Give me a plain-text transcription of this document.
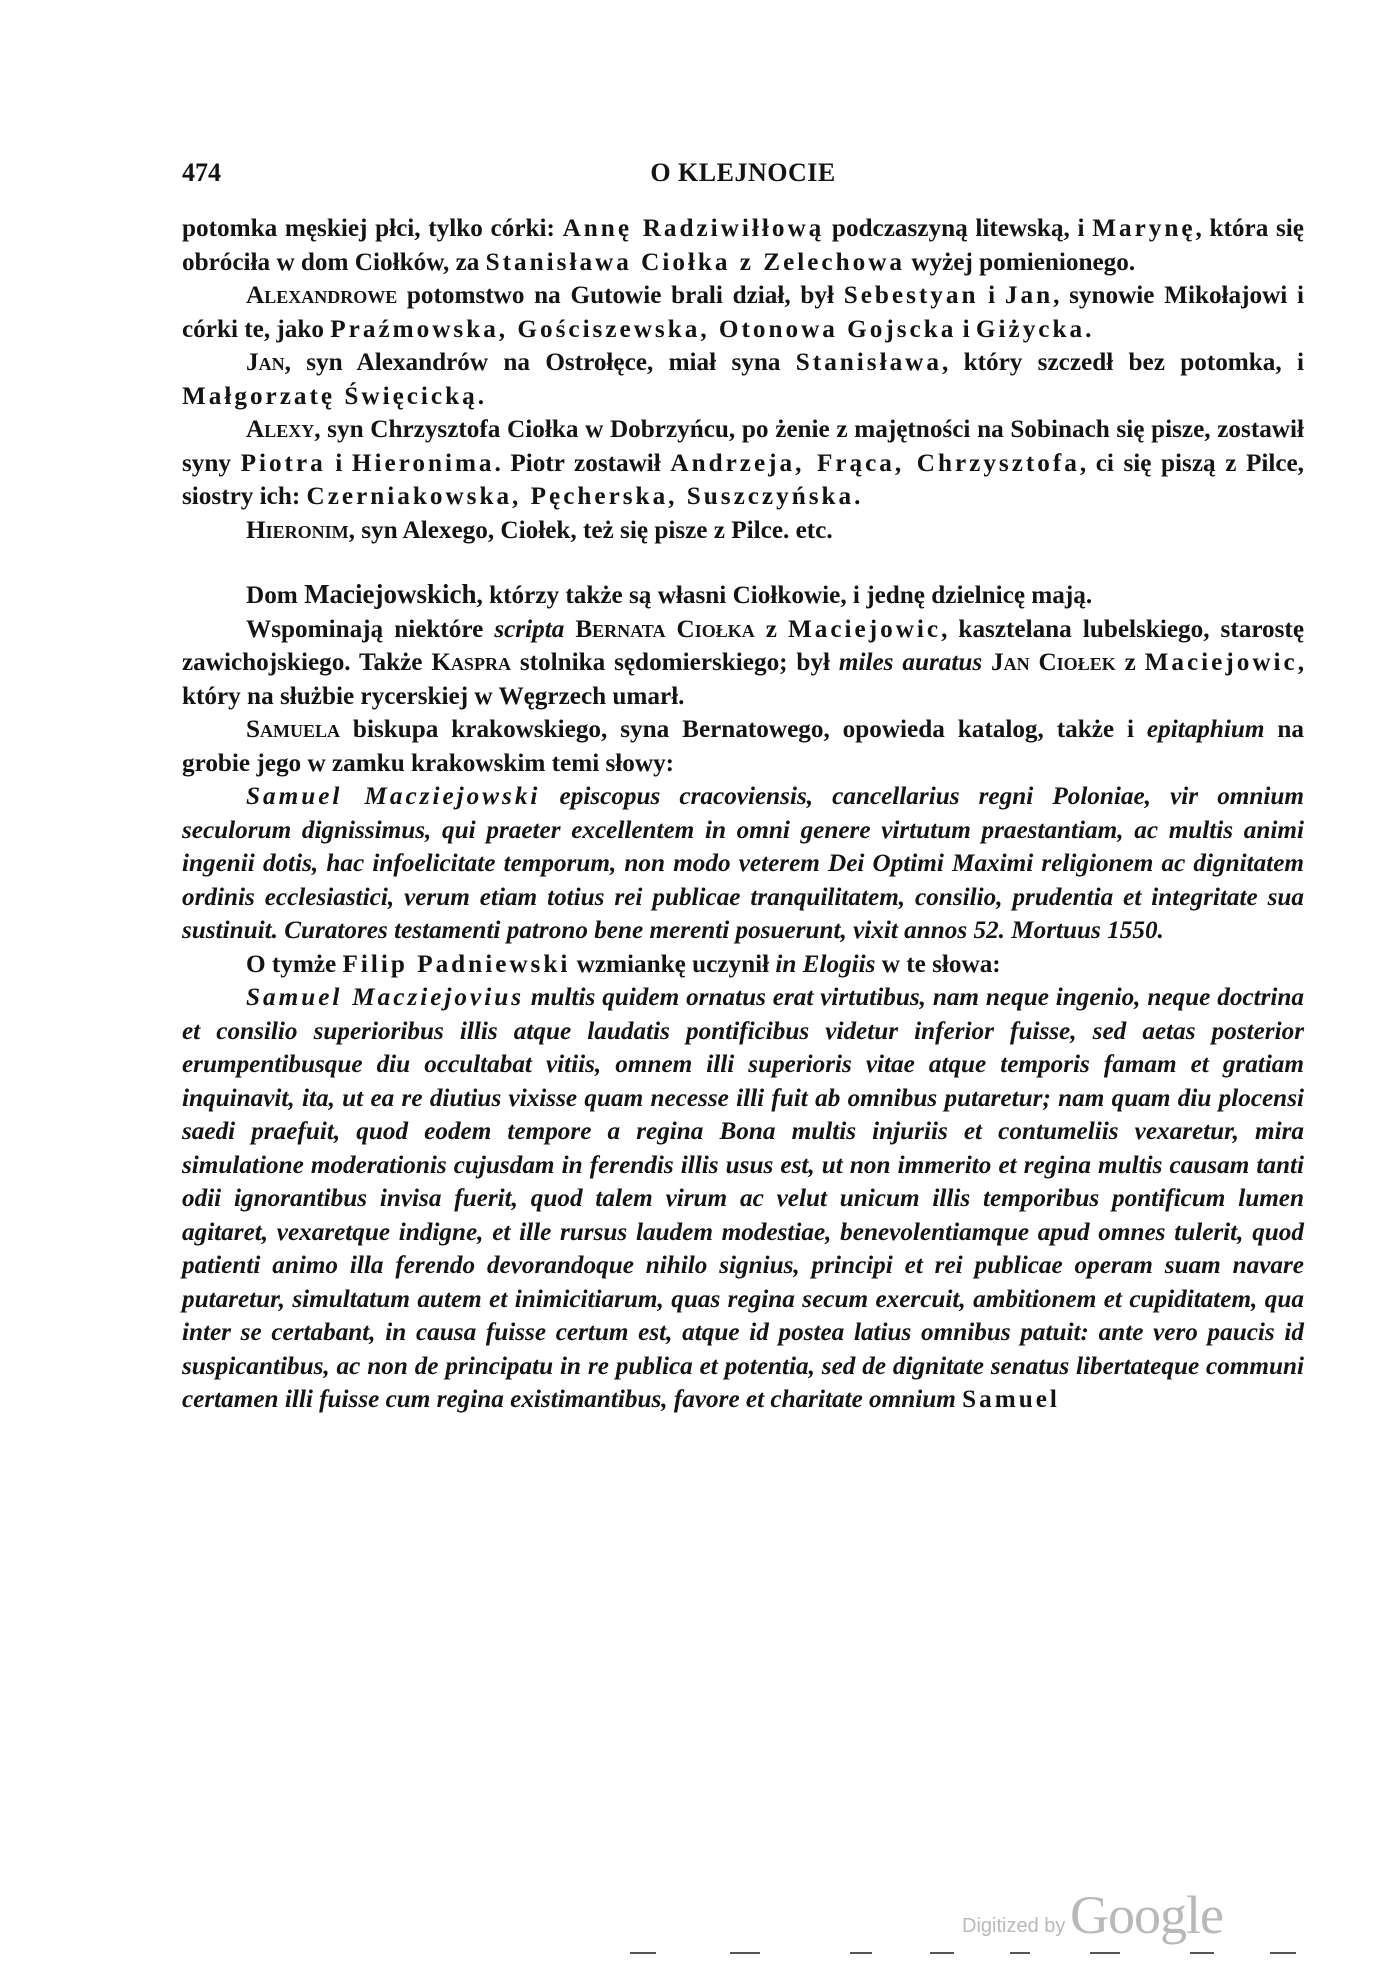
474	O KLEJNOCIE

potomka męskiej płci, tylko córki: Annę Radziwiłłową podczaszyną litewską, i Marynę, która się obróciła w dom Ciołków, za Stanisława Ciołka z Zelechowa wyżej pomienionego.

Alexandrowe potomstwo na Gutowie brali dział, był Sebestyan i Jan, synowie Mikołajowi i córki te, jako Praźmowska, Gościszewska, Otonowa Gojscka i Giżycka.

Jan, syn Alexandrów na Ostrołęce, miał syna Stanisława, który szczedł bez potomka, i Małgorzatę Święcicką.

Alexy, syn Chrzysztofa Ciołka w Dobrzyńcu, po żenie z majętności na Sobinach się pisze, zostawił syny Piotra i Hieronima. Piotr zostawił Andrzeja, Frąca, Chrzysztofa, ci się piszą z Pilce, siostry ich: Czerniakowska, Pęcherska, Suszczyńska.

Hieronim, syn Alexego, Ciołek, też się pisze z Pilce. etc.

Dom Maciejowskich, którzy także są własni Ciołkowie, i jednę dzielnicę mają.

Wspominają niektóre scripta Bernata Ciołka z Maciejowic, kasztelana lubelskiego, starostę zawichojskiego. Także Kaspra stolnika sędomierskiego; był miles auratus Jan Ciołek z Maciejowic, który na służbie rycerskiej w Węgrzech umarł.

Samuela biskupa krakowskiego, syna Bernatowego, opowieda katalog, także i epitaphium na grobie jego w zamku krakowskim temi słowy:

Samuel Macziejowski episcopus cracoviensis, cancellarius regni Poloniae, vir omnium seculorum dignissimus, qui praeter excellentem in omni genere virtutum praestantiam, ac multis animi ingenii dotis, hac infoelicitate temporum, non modo veterem Dei Optimi Maximi religionem ac dignitatem ordinis ecclesiastici, verum etiam totius rei publicae tranquilitatem, consilio, prudentia et integritate sua sustinuit. Curatores testamenti patrono bene merenti posuerunt, vixit annos 52. Mortuus 1550.

O tymże Filip Padniewski wzmiankę uczynił in Elogiis w te słowa:

Samuel Macziejovius multis quidem ornatus erat virtutibus, nam neque ingenio, neque doctrina et consilio superioribus illis atque laudatis pontificibus videtur inferior fuisse, sed aetas posterior erumpentibusque diu occultabat vitiis, omnem illi superioris vitae atque temporis famam et gratiam inquinavit, ita, ut ea re diutius vixisse quam necesse illi fuit ab omnibus putaretur; nam quam diu plocensi saedi praefuit, quod eodem tempore a regina Bona multis injuriis et contumeliis vexaretur, mira simulatione moderationis cujusdam in ferendis illis usus est, ut non immerito et regina multis causam tanti odii ignorantibus invisa fuerit, quod talem virum ac velut unicum illis temporibus pontificum lumen agitaret, vexaretque indigne, et ille rursus laudem modestiae, benevolentiamque apud omnes tulerit, quod patienti animo illa ferendo devorandoque nihilo signius, principi et rei publicae operam suam navare putaretur, simultatum autem et inimicitiarum, quas regina secum exercuit, ambitionem et cupiditatem, qua inter se certabant, in causa fuisse certum est, atque id postea latius omnibus patuit: ante vero paucis id suspicantibus, ac non de principatu in re publica et potentia, sed de dignitate senatus libertateque communi certamen illi fuisse cum regina existimantibus, favore et charitate omnium Samuel

Digitized by Google
